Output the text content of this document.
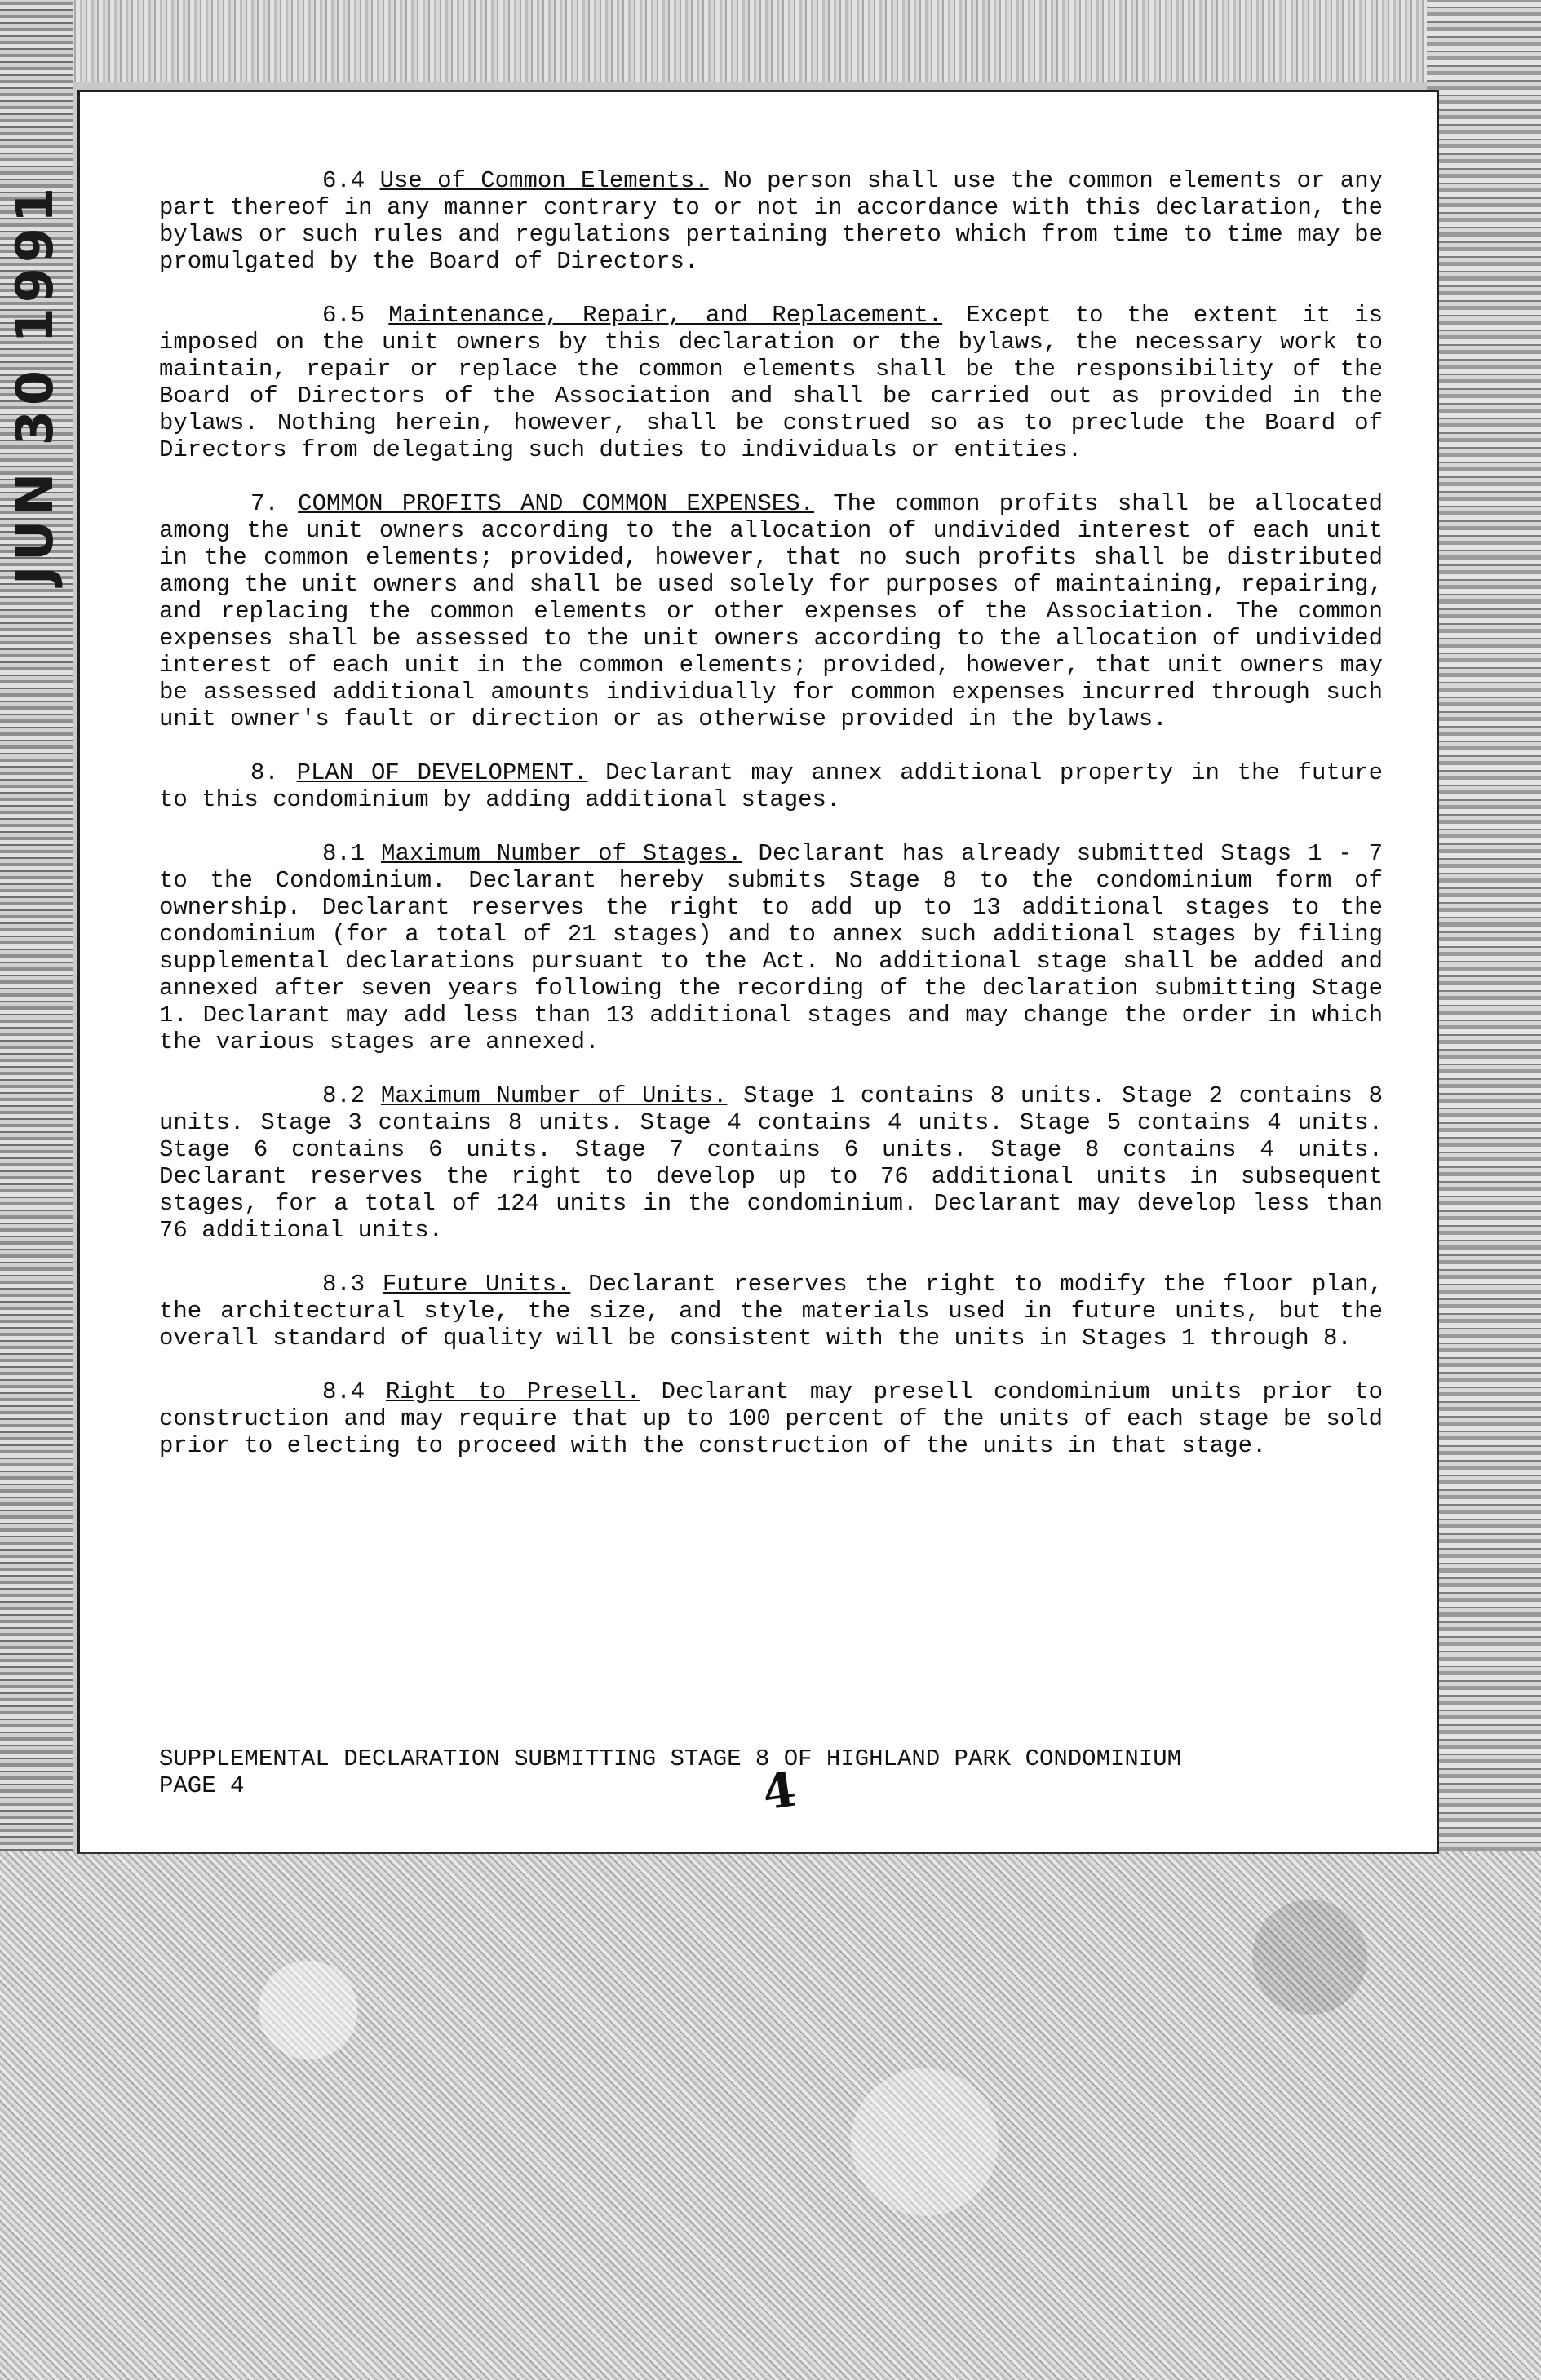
JUN 30 1991

6.4 Use of Common Elements. No person shall use the common elements or any part thereof in any manner contrary to or not in accordance with this declaration, the bylaws or such rules and regulations pertaining thereto which from time to time may be promulgated by the Board of Directors.

6.5 Maintenance, Repair, and Replacement. Except to the extent it is imposed on the unit owners by this declaration or the bylaws, the necessary work to maintain, repair or replace the common elements shall be the responsibility of the Board of Directors of the Association and shall be carried out as provided in the bylaws. Nothing herein, however, shall be construed so as to preclude the Board of Directors from delegating such duties to individuals or entities.

7. COMMON PROFITS AND COMMON EXPENSES. The common profits shall be allocated among the unit owners according to the allocation of undivided interest of each unit in the common elements; provided, however, that no such profits shall be distributed among the unit owners and shall be used solely for purposes of maintaining, repairing, and replacing the common elements or other expenses of the Association. The common expenses shall be assessed to the unit owners according to the allocation of undivided interest of each unit in the common elements; provided, however, that unit owners may be assessed additional amounts individually for common expenses incurred through such unit owner's fault or direction or as otherwise provided in the bylaws.

8. PLAN OF DEVELOPMENT. Declarant may annex additional property in the future to this condominium by adding additional stages.

8.1 Maximum Number of Stages. Declarant has already submitted Stags 1 - 7 to the Condominium. Declarant hereby submits Stage 8 to the condominium form of ownership. Declarant reserves the right to add up to 13 additional stages to the condominium (for a total of 21 stages) and to annex such additional stages by filing supplemental declarations pursuant to the Act. No additional stage shall be added and annexed after seven years following the recording of the declaration submitting Stage 1. Declarant may add less than 13 additional stages and may change the order in which the various stages are annexed.

8.2 Maximum Number of Units. Stage 1 contains 8 units. Stage 2 contains 8 units. Stage 3 contains 8 units. Stage 4 contains 4 units. Stage 5 contains 4 units. Stage 6 contains 6 units. Stage 7 contains 6 units. Stage 8 contains 4 units. Declarant reserves the right to develop up to 76 additional units in subsequent stages, for a total of 124 units in the condominium. Declarant may develop less than 76 additional units.

8.3 Future Units. Declarant reserves the right to modify the floor plan, the architectural style, the size, and the materials used in future units, but the overall standard of quality will be consistent with the units in Stages 1 through 8.

8.4 Right to Presell. Declarant may presell condominium units prior to construction and may require that up to 100 percent of the units of each stage be sold prior to electing to proceed with the construction of the units in that stage.

SUPPLEMENTAL DECLARATION SUBMITTING STAGE 8 OF HIGHLAND PARK CONDOMINIUM
PAGE 4	4
